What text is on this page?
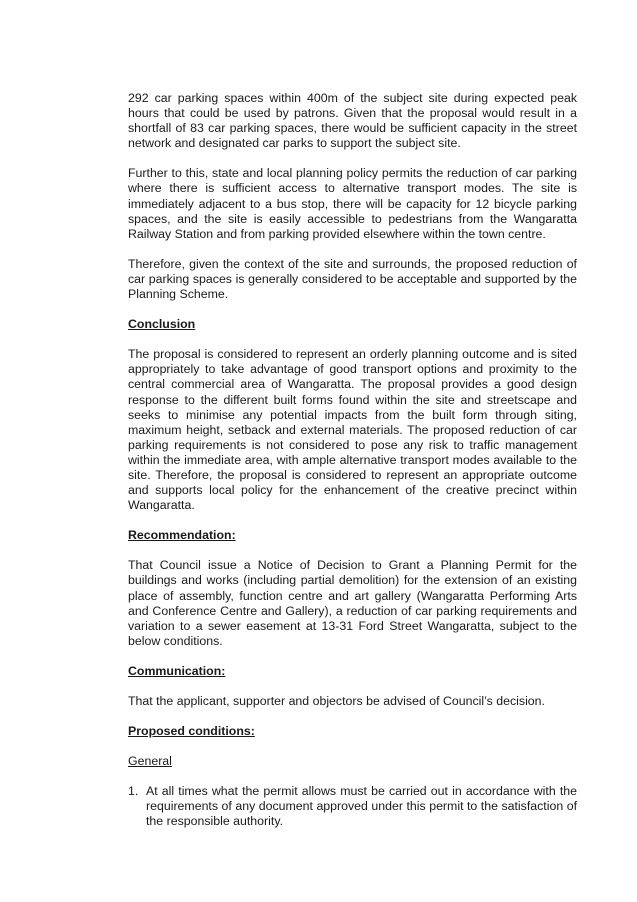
292 car parking spaces within 400m of the subject site during expected peak hours that could be used by patrons. Given that the proposal would result in a shortfall of 83 car parking spaces, there would be sufficient capacity in the street network and designated car parks to support the subject site.

Further to this, state and local planning policy permits the reduction of car parking where there is sufficient access to alternative transport modes. The site is immediately adjacent to a bus stop, there will be capacity for 12 bicycle parking spaces, and the site is easily accessible to pedestrians from the Wangaratta Railway Station and from parking provided elsewhere within the town centre.

Therefore, given the context of the site and surrounds, the proposed reduction of car parking spaces is generally considered to be acceptable and supported by the Planning Scheme.

Conclusion

The proposal is considered to represent an orderly planning outcome and is sited appropriately to take advantage of good transport options and proximity to the central commercial area of Wangaratta. The proposal provides a good design response to the different built forms found within the site and streetscape and seeks to minimise any potential impacts from the built form through siting, maximum height, setback and external materials. The proposed reduction of car parking requirements is not considered to pose any risk to traffic management within the immediate area, with ample alternative transport modes available to the site. Therefore, the proposal is considered to represent an appropriate outcome and supports local policy for the enhancement of the creative precinct within Wangaratta.

Recommendation:

That Council issue a Notice of Decision to Grant a Planning Permit for the buildings and works (including partial demolition) for the extension of an existing place of assembly, function centre and art gallery (Wangaratta Performing Arts and Conference Centre and Gallery), a reduction of car parking requirements and variation to a sewer easement at 13-31 Ford Street Wangaratta, subject to the below conditions.

Communication:

That the applicant, supporter and objectors be advised of Council’s decision.

Proposed conditions:

General

1. At all times what the permit allows must be carried out in accordance with the requirements of any document approved under this permit to the satisfaction of the responsible authority.
